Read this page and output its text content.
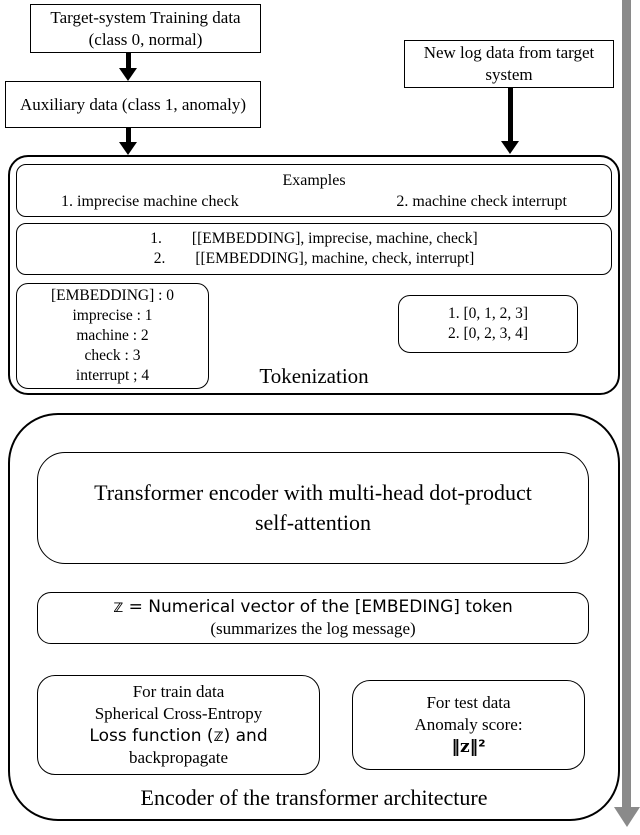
Target-system Training data (class 0, normal)
Auxiliary data (class 1, anomaly)
New log data from target system
Examples
1. imprecise machine check	2. machine check interrupt
1. [[EMBEDDING], imprecise, machine, check]
2. [[EMBEDDING], machine, check, interrupt]
[EMBEDDING] : 0
imprecise : 1
machine : 2
check : 3
interrupt ; 4
1. [0, 1, 2, 3]
2. [0, 2, 3, 4]
Tokenization
Transformer encoder with multi-head dot-product self-attention
𝕫 = Numerical vector of the [EMBEDING] token
(summarizes the log message)
For train data
Spherical Cross-Entropy
Loss function (𝕫) and
backpropagate
For test data
Anomaly score:
‖𝐳‖²
Encoder of the transformer architecture
